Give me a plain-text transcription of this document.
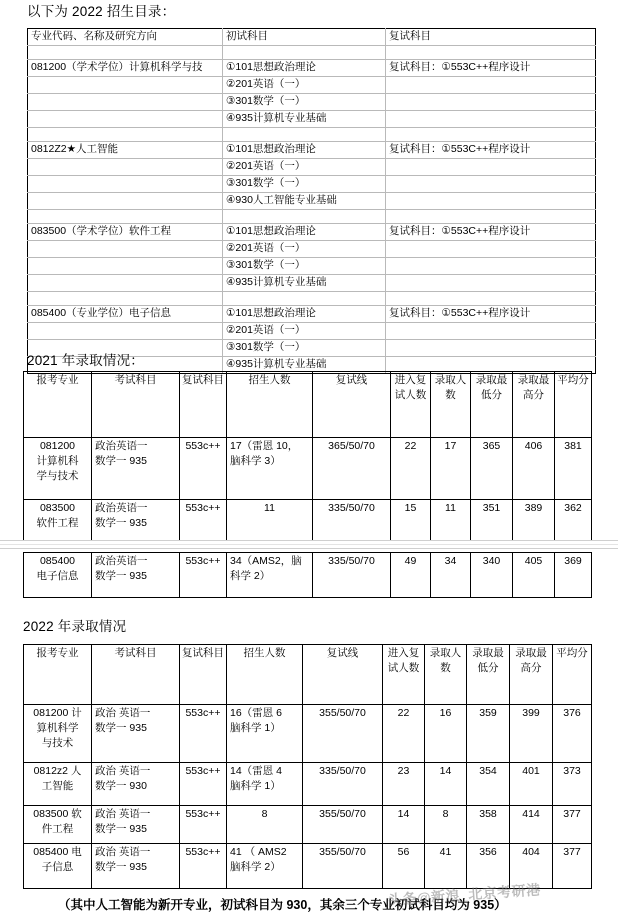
以下为 2022 招生目录：
专业代码、名称及研究方向	初试科目	复试科目

081200（学术学位）计算机科学与技	①101思想政治理论	复试科目：①553C++程序设计
	②201英语（一）	
	③301数学（一）	
	④935计算机专业基础	

0812Z2★人工智能	①101思想政治理论	复试科目：①553C++程序设计
	②201英语（一）	
	③301数学（一）	
	④930人工智能专业基础	

083500（学术学位）软件工程	①101思想政治理论	复试科目：①553C++程序设计
	②201英语（一）	
	③301数学（一）	
	④935计算机专业基础	

085400（专业学位）电子信息	①101思想政治理论	复试科目：①553C++程序设计
	②201英语（一）	
	③301数学（一）	
	④935计算机专业基础	
2021 年录取情况：
报考专业	考试科目	复试科目	招生人数	复试线	进入复试人数	录取人数	录取最低分	录取最高分	平均分

081200
计算机科
学与技术	政治英语一
数学一 935	553c++	17（雷恩 10，
脑科学 3）	365/50/70	22	17	365	406	381

083500
软件工程	政治英语一
数学一 935	553c++	11	335/50/70	15	11	351	389	362
085400
电子信息

政治英语一
数学一 935
	553c++	34（AMS2，脑
科学 2）
	335/50/70	49	34	340	405	369
2022 年录取情况
报考专业	考试科目	复试科目	招生人数	复试线	进入复试人数	录取人数	录取最低分	录取最高分	平均分

081200 计
算机科学
与技术	政治 英语一
数学一 935	553c++	16（雷恩 6
脑科学 1）	355/50/70	22	16	359	399	376

0812z2 人
工智能	政治 英语一
数学一 930	553c++	14（雷恩 4
脑科学 1）	335/50/70	23	14	354	401	373

083500 软
件工程	政治 英语一
数学一 935	553c++	8	355/50/70	14	8	358	414	377

085400 电
子信息	政治 英语一
数学一 935	553c++	41 （ AMS2
脑科学 2）	355/50/70	56	41	356	404	377
（其中人工智能为新开专业，初试科目为 930，其余三个专业初试科目均为 935）
头条@新浪_北京考研港
